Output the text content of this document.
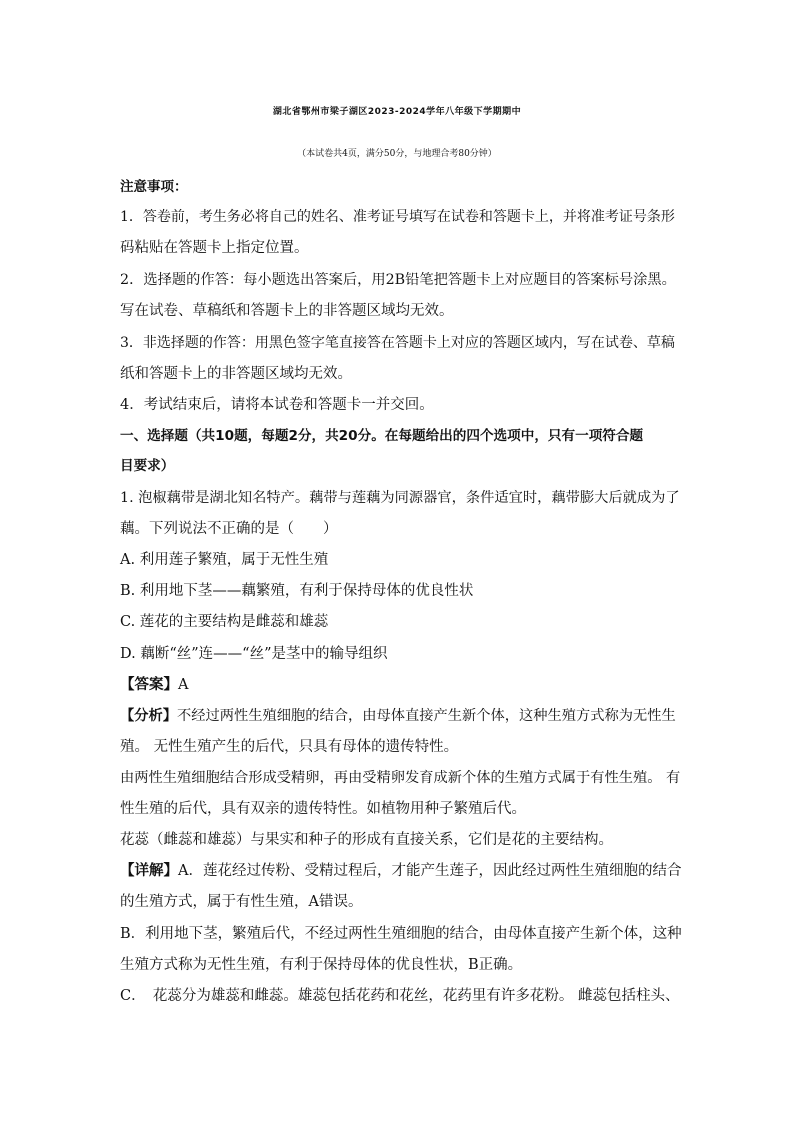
湖北省鄂州市梁子湖区2023-2024学年八年级下学期期中
（本试卷共4页，满分50分，与地理合考80分钟）
注意事项：
1．答卷前，考生务必将自己的姓名、准考证号填写在试卷和答题卡上，并将准考证号条形
码粘贴在答题卡上指定位置。
2．选择题的作答：每小题选出答案后，用2B铅笔把答题卡上对应题目的答案标号涂黑。
写在试卷、草稿纸和答题卡上的非答题区域均无效。
3．非选择题的作答：用黑色签字笔直接答在答题卡上对应的答题区域内，写在试卷、草稿
纸和答题卡上的非答题区域均无效。
4．考试结束后，请将本试卷和答题卡一并交回。
一、选择题（共10题，每题2分，共20分。在每题给出的四个选项中，只有一项符合题
目要求）
1. 泡椒藕带是湖北知名特产。藕带与莲藕为同源器官，条件适宜时，藕带膨大后就成为了
藕。下列说法不正确的是（　　）
A. 利用莲子繁殖，属于无性生殖
B. 利用地下茎——藕繁殖，有利于保持母体的优良性状
C. 莲花的主要结构是雌蕊和雄蕊
D. 藕断“丝”连——“丝”是茎中的输导组织
【答案】A
【分析】不经过两性生殖细胞的结合，由母体直接产生新个体，这种生殖方式称为无性生
殖。 无性生殖产生的后代，只具有母体的遗传特性。
由两性生殖细胞结合形成受精卵，再由受精卵发育成新个体的生殖方式属于有性生殖。 有
性生殖的后代，具有双亲的遗传特性。如植物用种子繁殖后代。
花蕊（雌蕊和雄蕊）与果实和种子的形成有直接关系，它们是花的主要结构。
【详解】A．莲花经过传粉、受精过程后，才能产生莲子，因此经过两性生殖细胞的结合
的生殖方式，属于有性生殖，A错误。
B．利用地下茎，繁殖后代，不经过两性生殖细胞的结合，由母体直接产生新个体，这种
生殖方式称为无性生殖，有利于保持母体的优良性状，B正确。
C．　花蕊分为雄蕊和雌蕊。雄蕊包括花药和花丝，花药里有许多花粉。 雌蕊包括柱头、
